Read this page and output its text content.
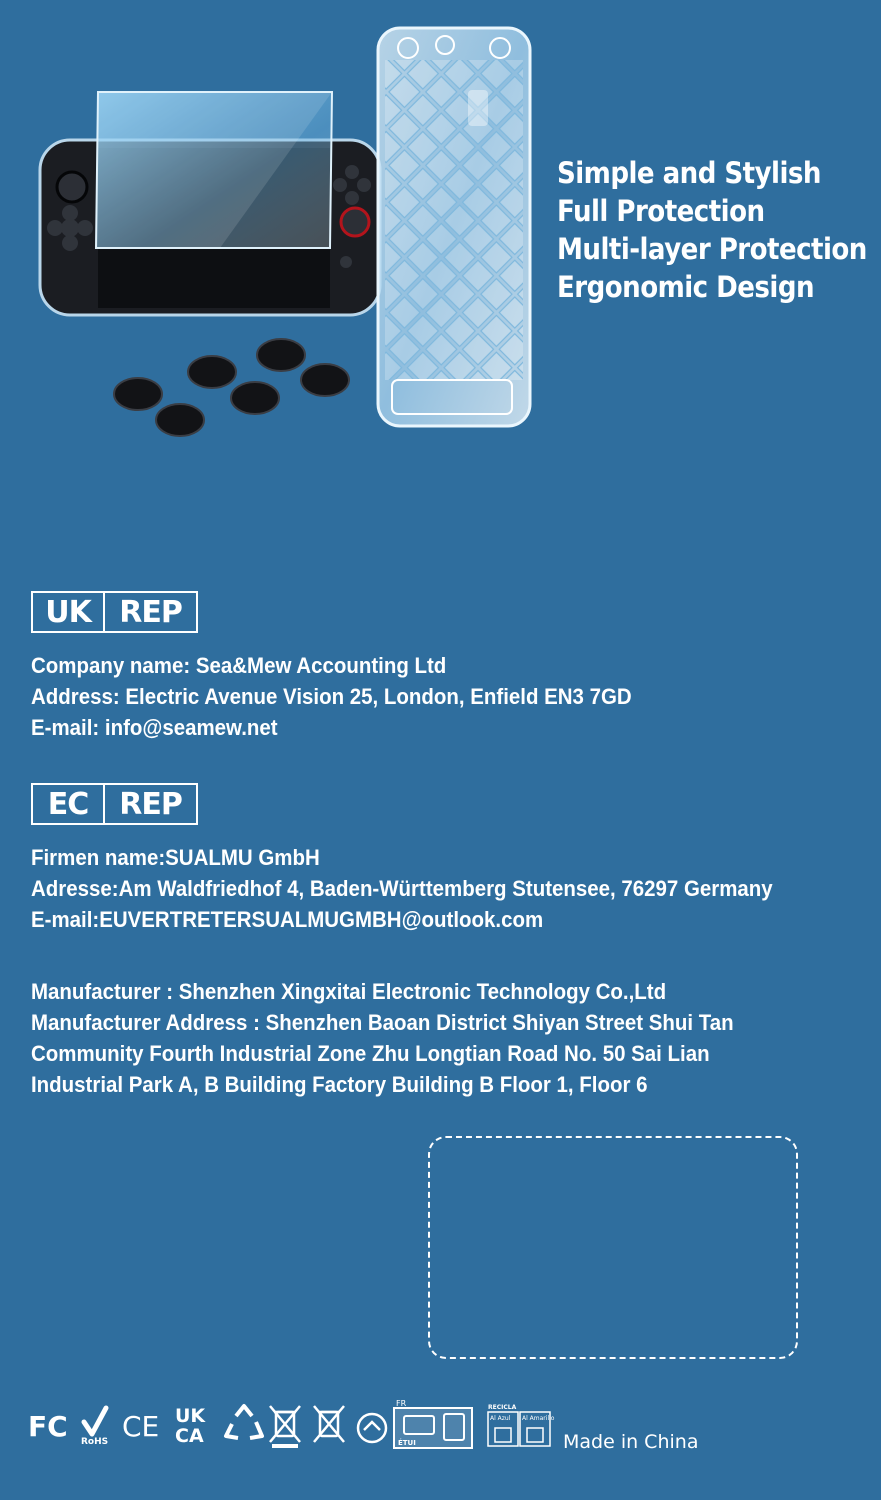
Simple and Stylish
Full Protection
Multi-layer Protection
Ergonomic Design
UK REP
Company name: Sea&Mew Accounting Ltd
Address: Electric Avenue Vision 25, London, Enfield EN3 7GD
E-mail: info@seamew.net
EC	REP
Firmen name:SUALMU GmbH
Adresse:Am Waldfriedhof 4, Baden-Württemberg Stutensee, 76297 Germany
E-mail:EUVERTRETERSUALMUGMBH@outlook.com
Manufacturer : Shenzhen Xingxitai Electronic Technology Co.,Ltd
Manufacturer Address : Shenzhen Baoan District Shiyan Street Shui Tan
Community Fourth Industrial Zone Zhu Longtian Road No. 50 Sai Lian
Industrial Park A, B Building Factory Building B Floor 1, Floor 6
FC RoHS CE UK
CA
FR
ÉTUI
RECICLA
Al Azul Al Amarillo
Made in China
